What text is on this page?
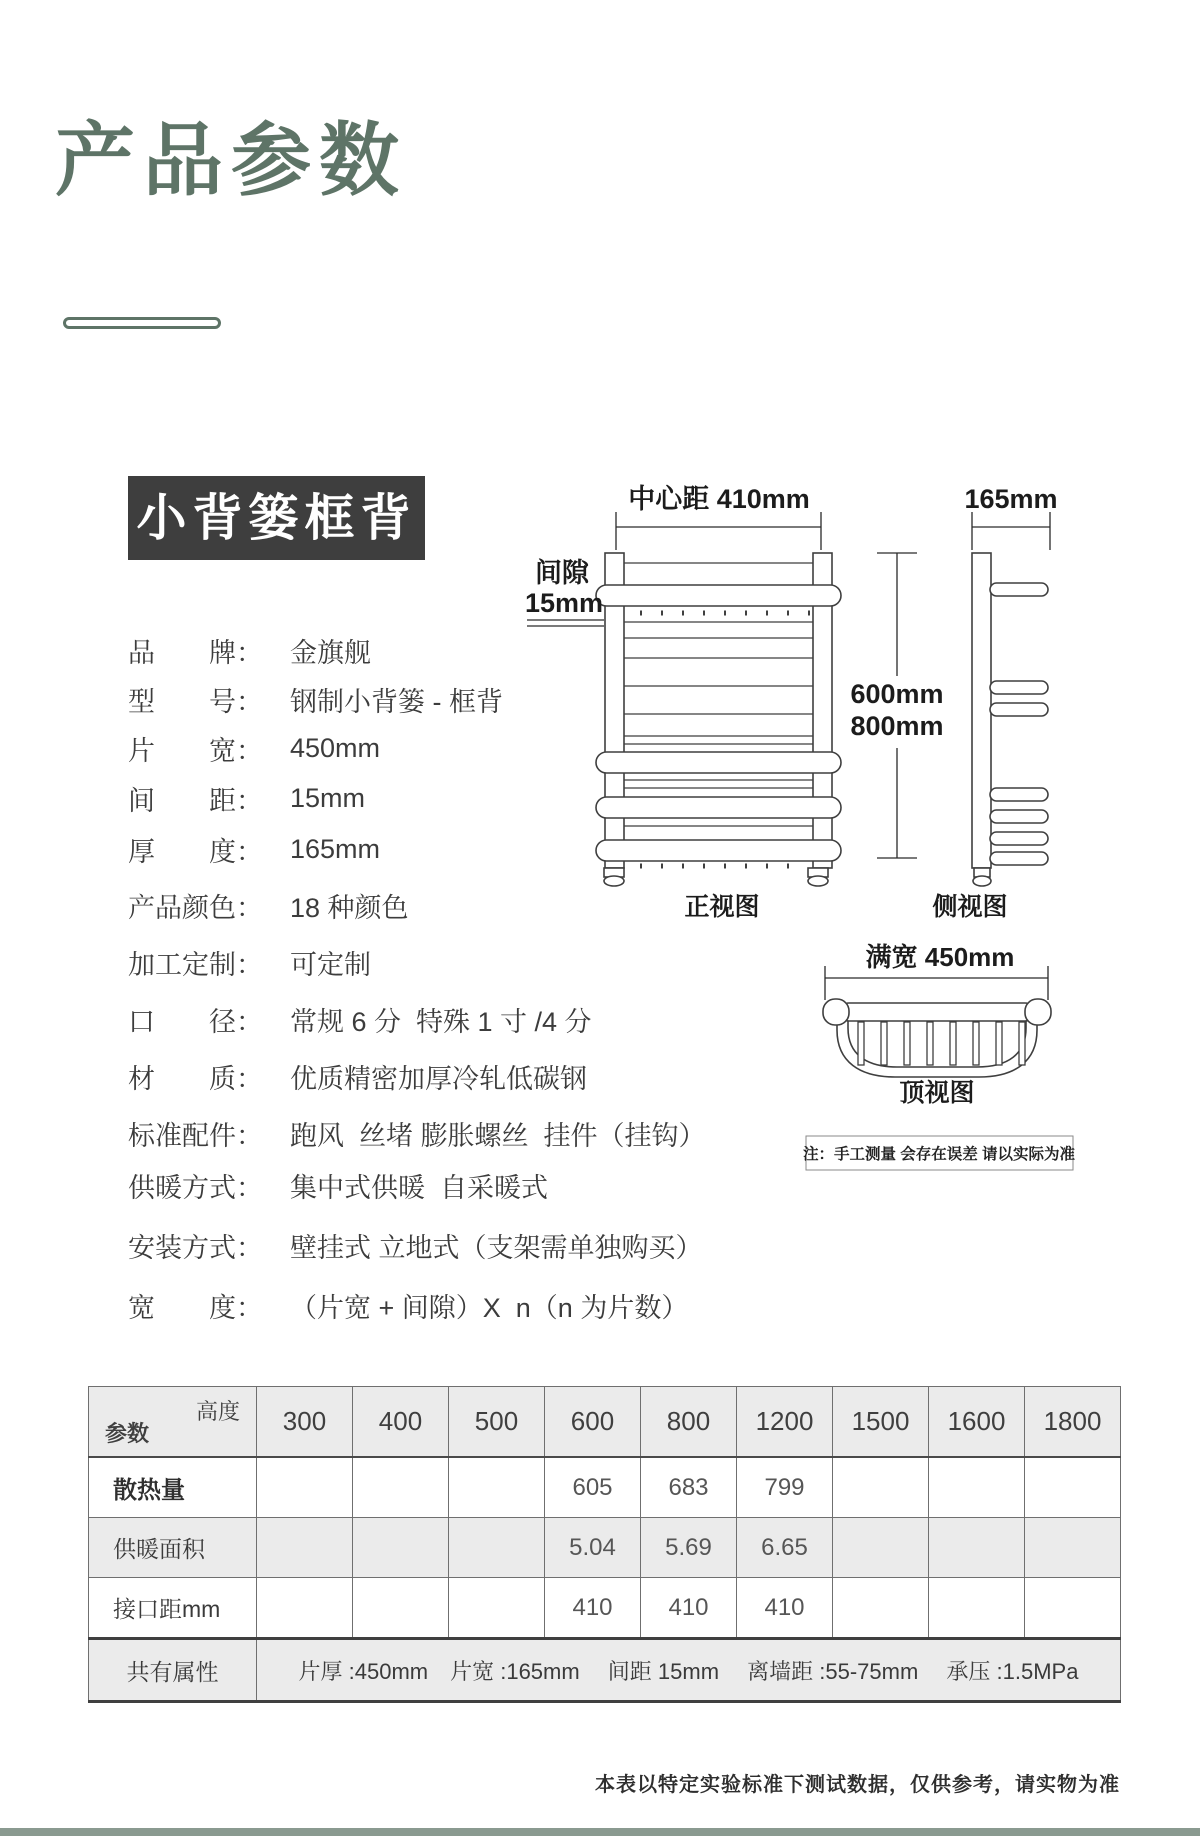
产品参数
小背篓框背
品　　牌： 金旗舰
型　　号： 钢制小背篓 - 框背
片　　宽： 450mm
间　　距： 15mm
厚　　度： 165mm
产品颜色： 18 种颜色
加工定制： 可定制
口　　径： 常规 6 分  特殊 1 寸 /4 分
材　　质： 优质精密加厚冷轧低碳钢
标准配件： 跑风  丝堵 膨胀螺丝  挂件（挂钩）
供暖方式： 集中式供暖  自采暖式
安装方式： 壁挂式 立地式（支架需单独购买）
宽　　度： （片宽 + 间隙）X  n（n 为片数）
中心距 410mm
间隙
15mm
正视图
600mm
800mm
165mm
侧视图
满宽 450mm
顶视图
注：手工测量 会存在误差 请以实际为准
高度
参数	300	400	500	600	800	1200	1500	1600	1800
散热量				605	683	799			
供暖面积				5.04	5.69	6.65			
接口距mm				410	410	410			
共有属性	片厚 :450mm　片宽 :165mm　 间距 15mm　 离墙距 :55-75mm　 承压 :1.5MPa								
本表以特定实验标准下测试数据，仅供参考，请实物为准
